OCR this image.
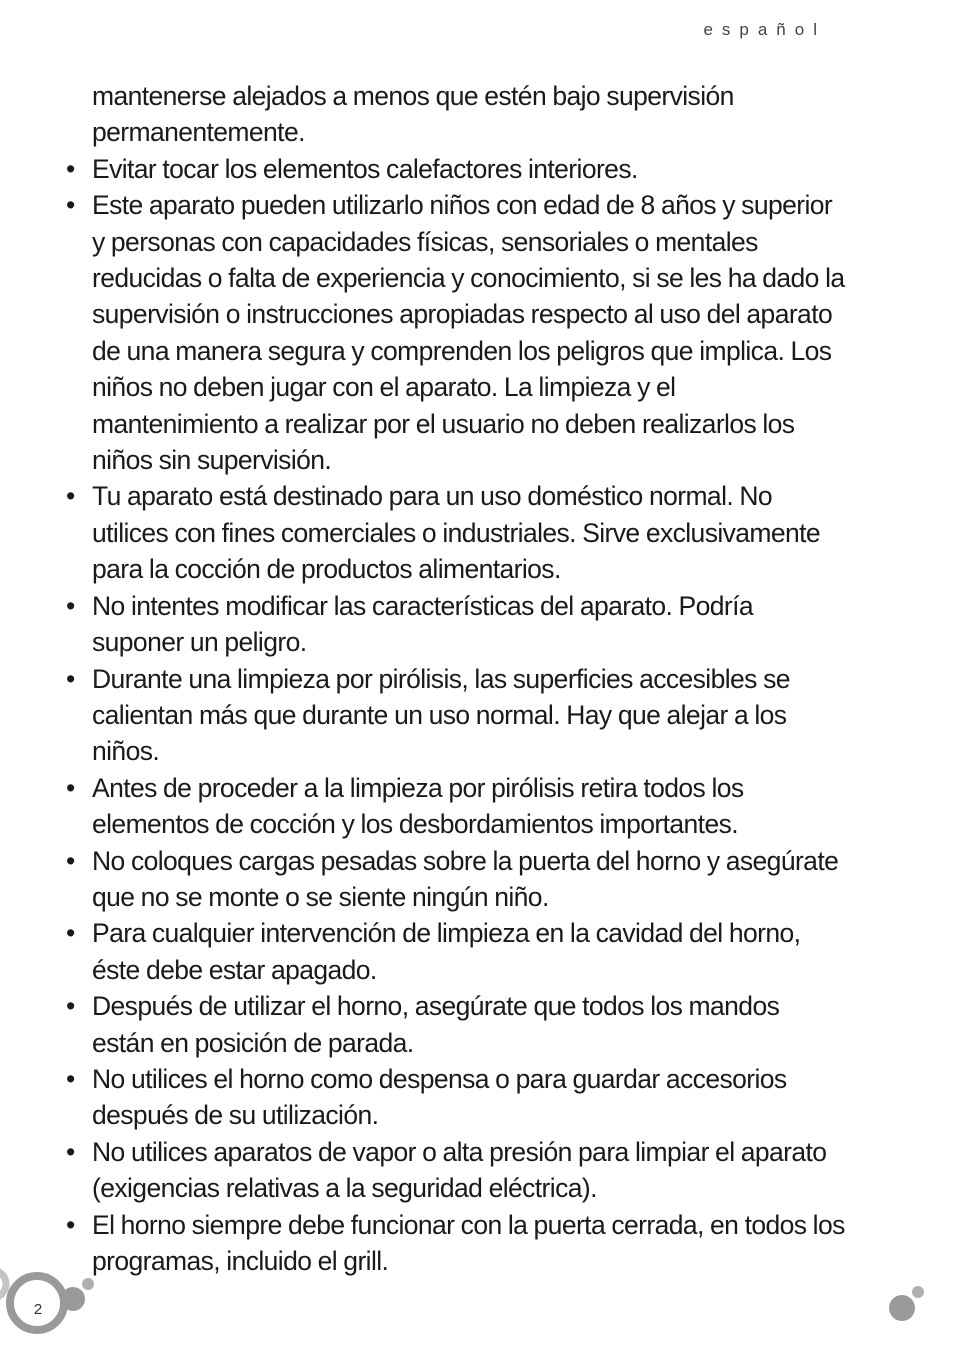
español

mantenerse alejados a menos que estén bajo supervisión permanentemente.

• Evitar tocar los elementos calefactores interiores.
• Este aparato pueden utilizarlo niños con edad de 8 años y superior y personas con capacidades físicas, sensoriales o mentales reducidas o falta de experiencia y conocimiento, si se les ha dado la supervisión o instrucciones apropiadas respecto al uso del aparato de una manera segura y comprenden los peligros que implica. Los niños no deben jugar con el aparato. La limpieza y el mantenimiento a realizar por el usuario no deben realizarlos los niños sin supervisión.
• Tu aparato está destinado para un uso doméstico normal. No utilices con fines comerciales o industriales. Sirve exclusivamente para la cocción de productos alimentarios.
• No intentes modificar las características del aparato. Podría suponer un peligro.
• Durante una limpieza por pirólisis, las superficies accesibles se calientan más que durante un uso normal. Hay que alejar a los niños.
• Antes de proceder a la limpieza por pirólisis retira todos los elementos de cocción y los desbordamientos importantes.
• No coloques cargas pesadas sobre la puerta del horno y asegúrate que no se monte o se siente ningún niño.
• Para cualquier intervención de limpieza en la cavidad del horno, éste debe estar apagado.
• Después de utilizar el horno, asegúrate que todos los mandos están en posición de parada.
• No utilices el horno como despensa o para guardar accesorios después de su utilización.
• No utilices aparatos de vapor o alta presión para limpiar el aparato (exigencias relativas a la seguridad eléctrica).
• El horno siempre debe funcionar con la puerta cerrada, en todos los programas, incluido el grill.
2
